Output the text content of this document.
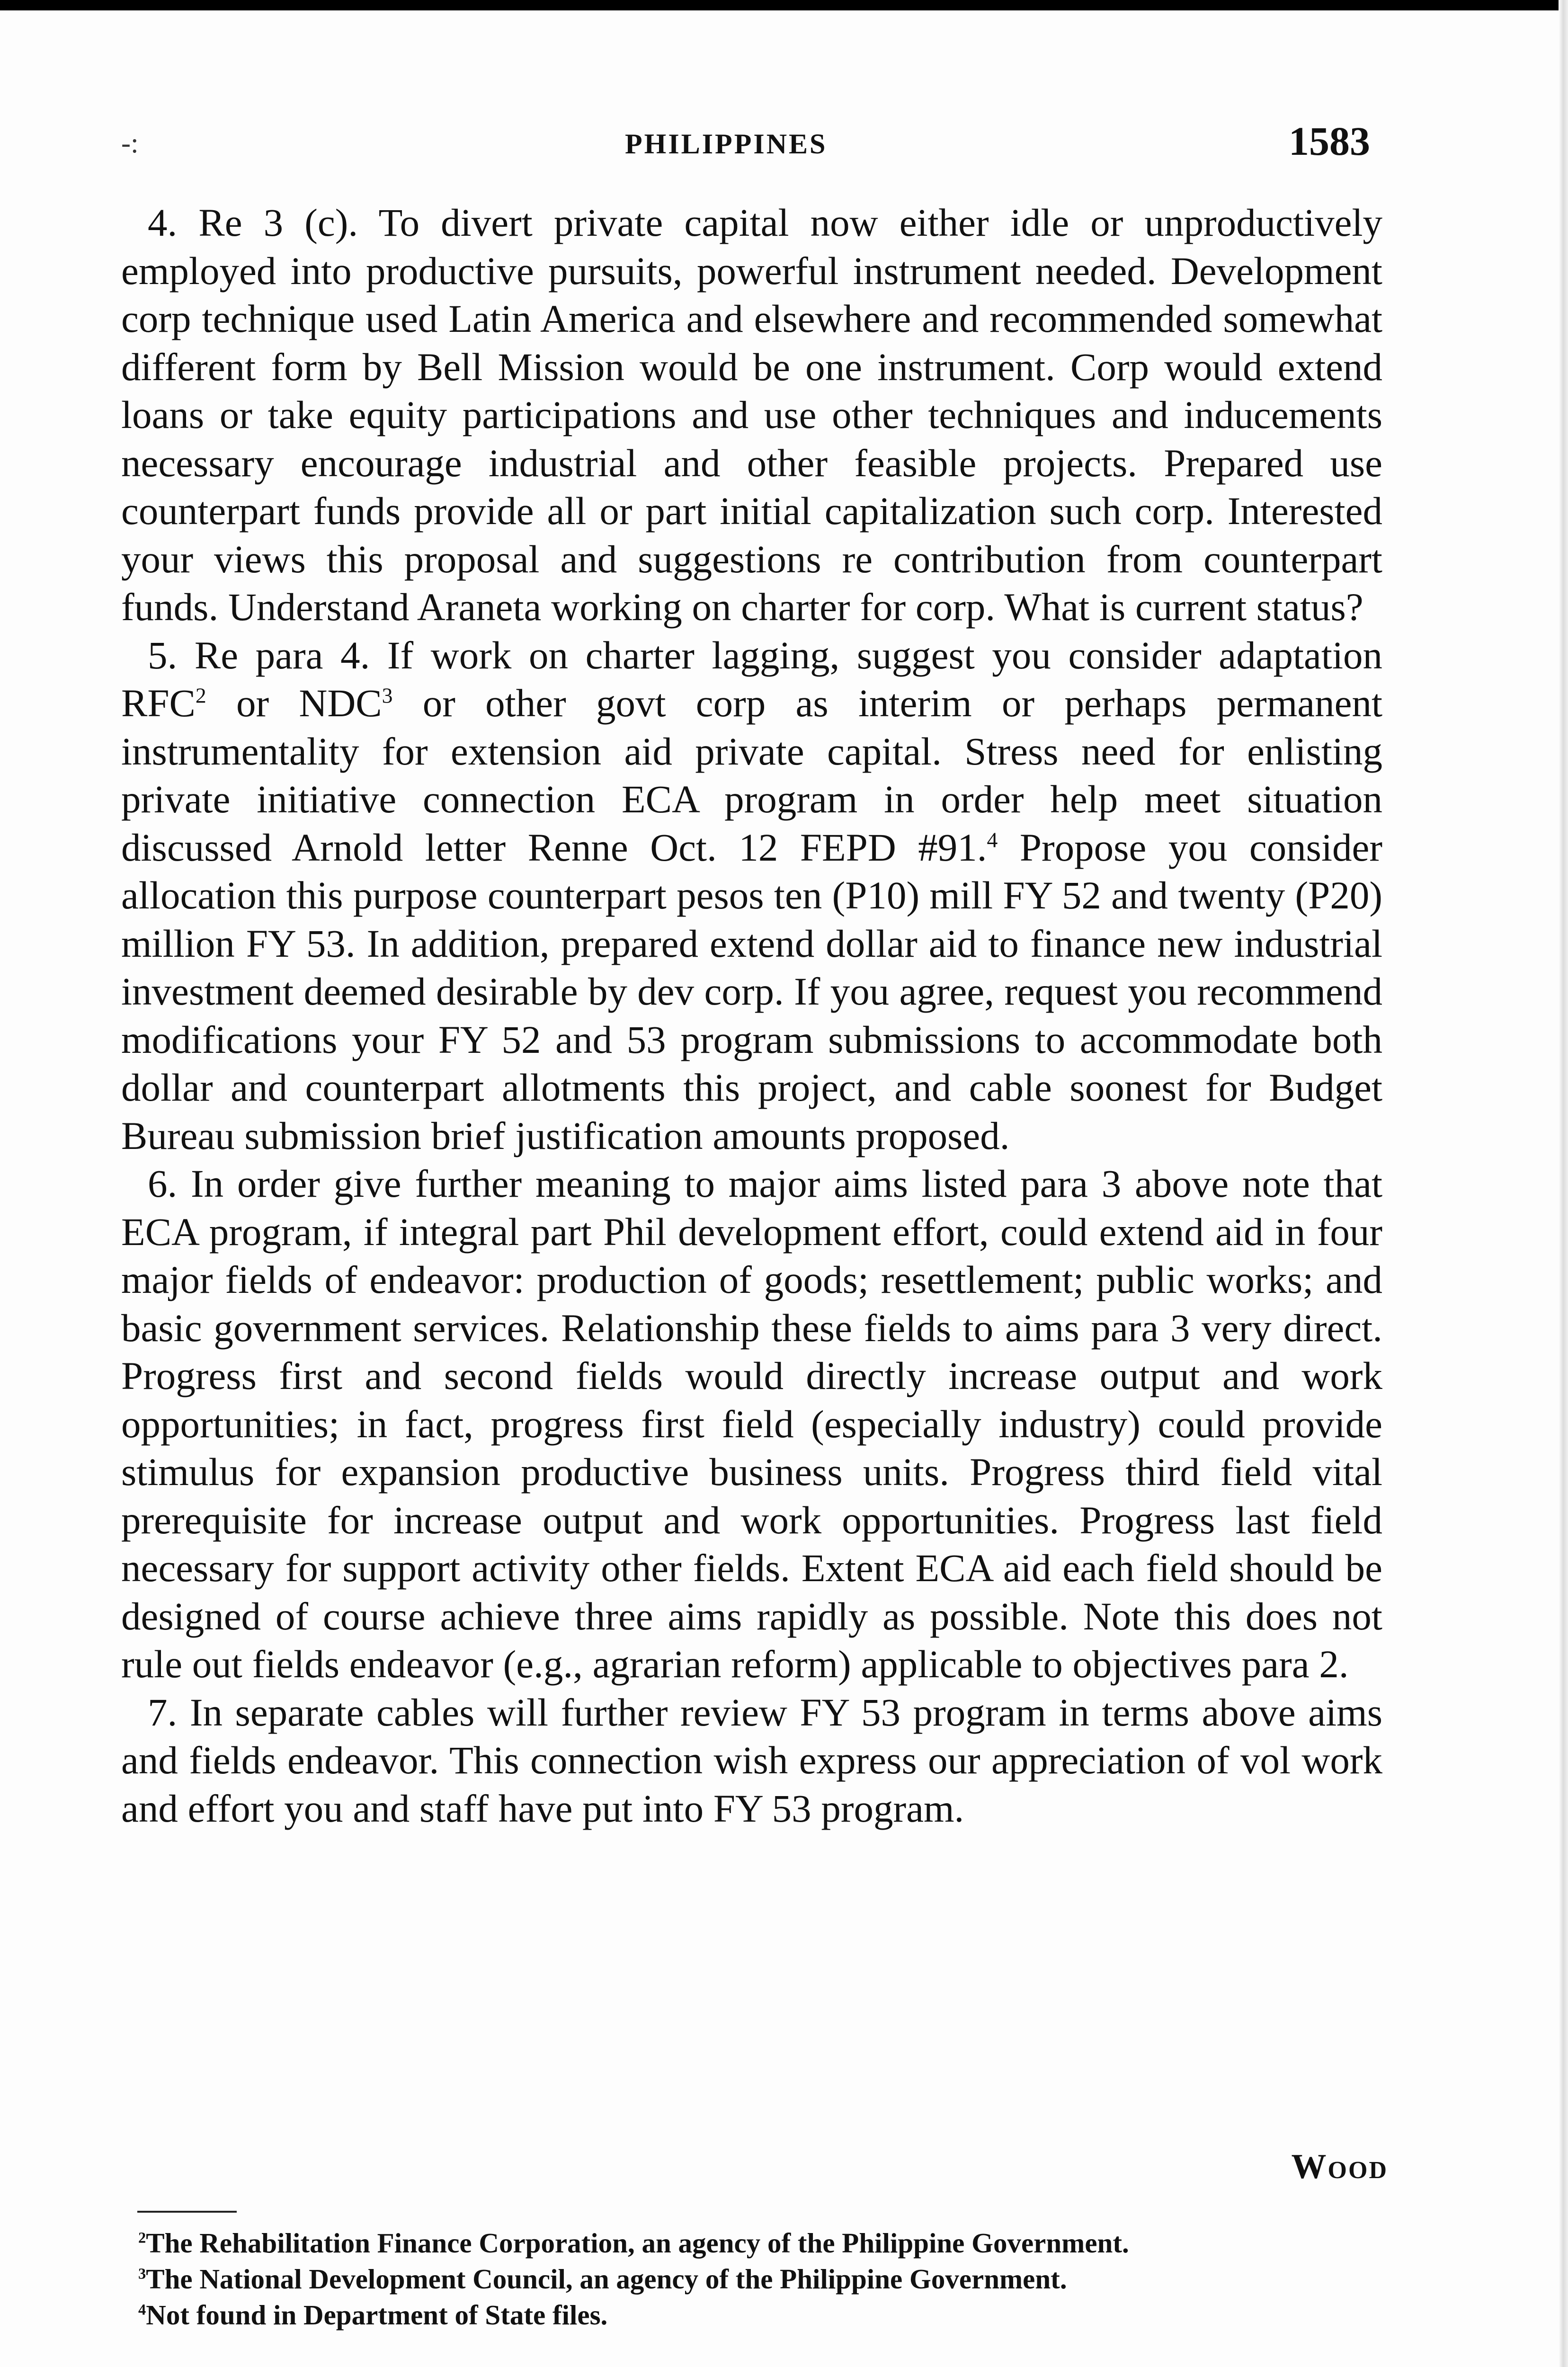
-:	PHILIPPINES	1583

4. Re 3 (c). To divert private capital now either idle or unproductively employed into productive pursuits, powerful instrument needed. Development corp technique used Latin America and elsewhere and recommended somewhat different form by Bell Mission would be one instrument. Corp would extend loans or take equity participations and use other techniques and inducements necessary encourage industrial and other feasible projects. Prepared use counterpart funds provide all or part initial capitalization such corp. Interested your views this proposal and suggestions re contribution from counterpart funds. Understand Araneta working on charter for corp. What is current status?

5. Re para 4. If work on charter lagging, suggest you consider adaptation RFC$^2$ or NDC$^3$ or other govt corp as interim or perhaps permanent instrumentality for extension aid private capital. Stress need for enlisting private initiative connection ECA program in order help meet situation discussed Arnold letter Renne Oct. 12 FEPD #91.$^4$ Propose you consider allocation this purpose counterpart pesos ten (P10) mill FY 52 and twenty (P20) million FY 53. In addition, prepared extend dollar aid to finance new industrial investment deemed desirable by dev corp. If you agree, request you recommend modifications your FY 52 and 53 program submissions to accommodate both dollar and counterpart allotments this project, and cable soonest for Budget Bureau submission brief justification amounts proposed.

6. In order give further meaning to major aims listed para 3 above note that ECA program, if integral part Phil development effort, could extend aid in four major fields of endeavor: production of goods; resettlement; public works; and basic government services. Relationship these fields to aims para 3 very direct. Progress first and second fields would directly increase output and work opportunities; in fact, progress first field (especially industry) could provide stimulus for expansion productive business units. Progress third field vital prerequisite for increase output and work opportunities. Progress last field necessary for support activity other fields. Extent ECA aid each field should be designed of course achieve three aims rapidly as possible. Note this does not rule out fields endeavor (e.g., agrarian reform) applicable to objectives para 2.

7. In separate cables will further review FY 53 program in terms above aims and fields endeavor. This connection wish express our appreciation of vol work and effort you and staff have put into FY 53 program.

Wood

$^2$The Rehabilitation Finance Corporation, an agency of the Philippine Government.

$^3$The National Development Council, an agency of the Philippine Government.

$^4$Not found in Department of State files.
